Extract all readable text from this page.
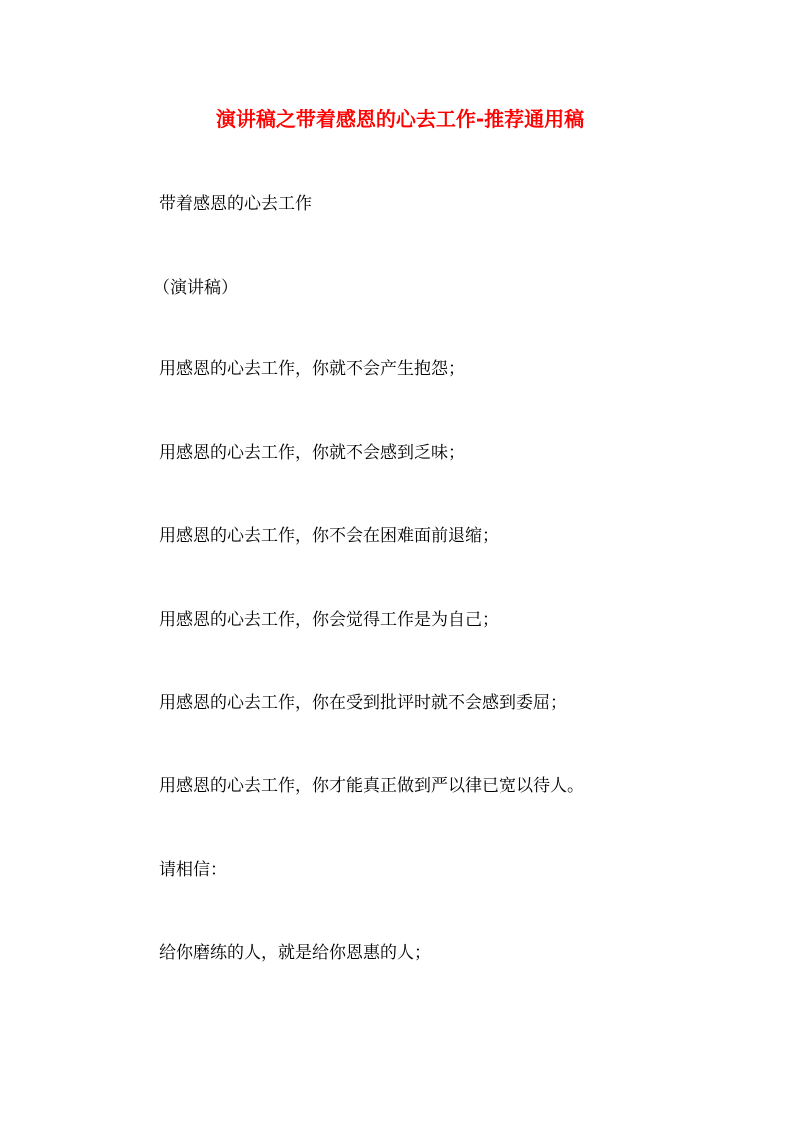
演讲稿之带着感恩的心去工作-推荐通用稿
带着感恩的心去工作
（演讲稿）
用感恩的心去工作，你就不会产生抱怨；
用感恩的心去工作，你就不会感到乏味；
用感恩的心去工作，你不会在困难面前退缩；
用感恩的心去工作，你会觉得工作是为自己；
用感恩的心去工作，你在受到批评时就不会感到委屈；
用感恩的心去工作，你才能真正做到严以律已宽以待人。
请相信：
给你磨练的人，就是给你恩惠的人；
